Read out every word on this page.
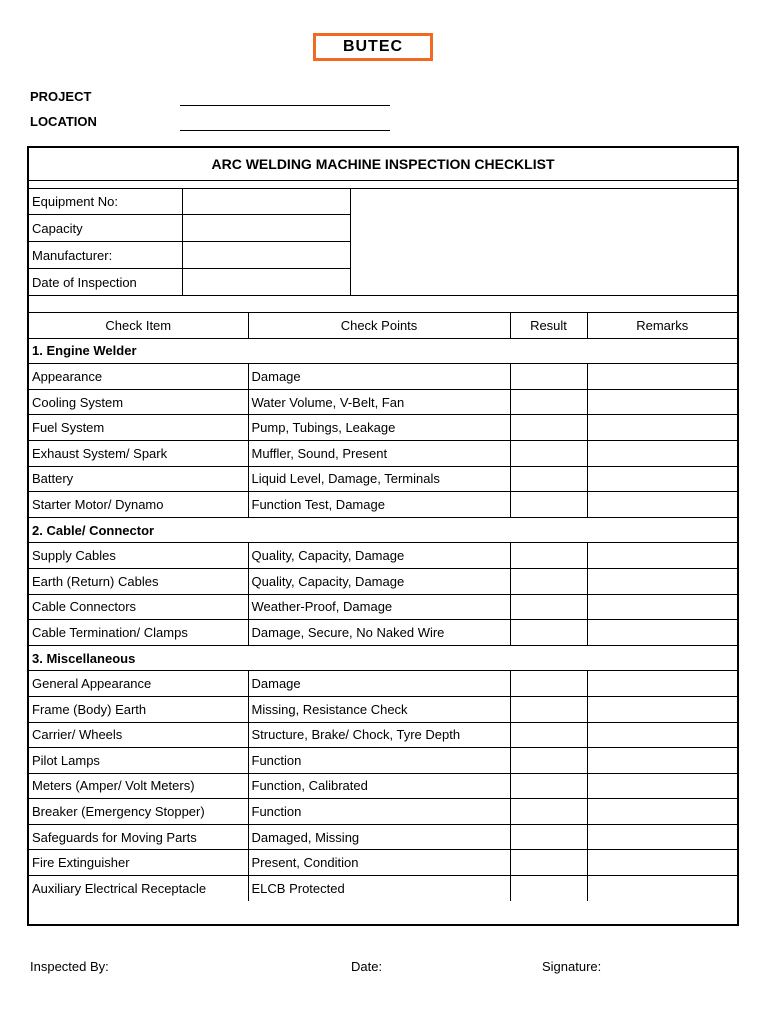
BUTEC
PROJECT
LOCATION
ARC WELDING MACHINE INSPECTION CHECKLIST
Equipment No:	
Capacity	
Manufacturer:	
Date of Inspection	
Check Item	Check Points	Result	Remarks
1. Engine Welder			
Appearance	Damage		
Cooling System	Water Volume, V-Belt, Fan		
Fuel System	Pump, Tubings, Leakage		
Exhaust System/ Spark	Muffler, Sound, Present		
Battery	Liquid Level, Damage, Terminals		
Starter Motor/ Dynamo	Function Test, Damage		
2. Cable/ Connector			
Supply Cables	Quality, Capacity, Damage		
Earth (Return) Cables	Quality, Capacity, Damage		
Cable Connectors	Weather-Proof, Damage		
Cable Termination/ Clamps	Damage, Secure, No Naked Wire		
3. Miscellaneous			
General Appearance	Damage		
Frame (Body) Earth	Missing, Resistance Check		
Carrier/ Wheels	Structure, Brake/ Chock, Tyre Depth		
Pilot Lamps	Function		
Meters (Amper/ Volt Meters)	Function, Calibrated		
Breaker (Emergency Stopper)	Function		
Safeguards for Moving Parts	Damaged, Missing		
Fire Extinguisher	Present, Condition		
Auxiliary Electrical Receptacle	ELCB Protected		
Inspected By:	Date:	Signature:
